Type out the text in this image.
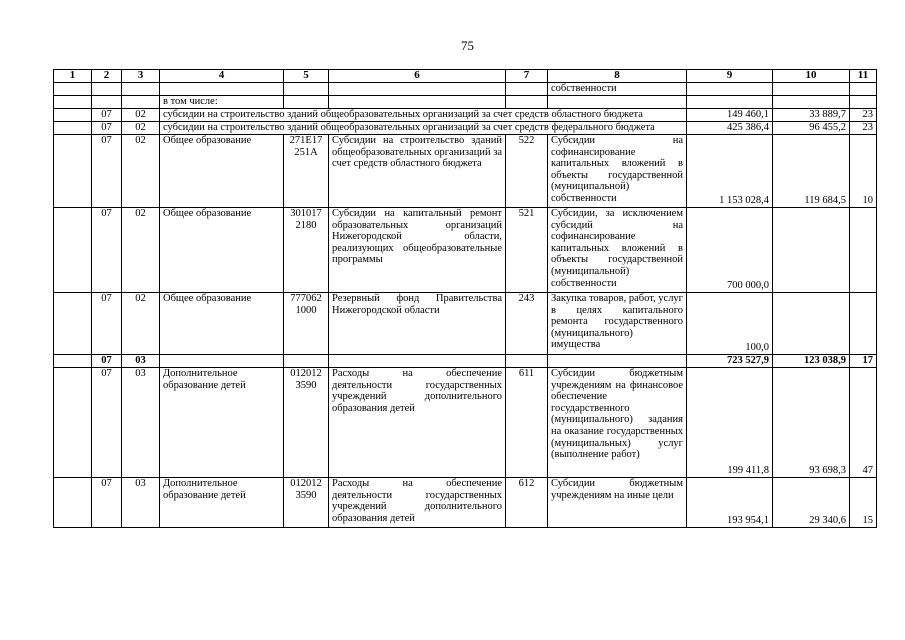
75
1	2	3	4	5	6	7	8	9	10	11
							собственности			
			в том числе:							
	07	02	субсидии на строительство зданий общеобразовательных организаций за счет средств областного бюджета					149 460,1	33 889,7	23
	07	02	субсидии на строительство зданий общеобразовательных организаций за счет средств федерального бюджета					425 386,4	96 455,2	23
	07	02	Общее образование	271Е17 251А	Субсидии на строительство зданий общеобразовательных организаций за счет средств областного бюджета	522	Субсидии на софинансирование капитальных вложений в объекты государственной (муниципальной) собственности	1 153 028,4	119 684,5	10
	07	02	Общее образование	301017 2180	Субсидии на капитальный ремонт образовательных организаций Нижегородской области, реализующих общеобразовательные программы	521	Субсидии, за исключением субсидий на софинансирование капитальных вложений в объекты государственной (муниципальной) собственности	700 000,0		
	07	02	Общее образование	777062 1000	Резервный фонд Правительства Нижегородской области	243	Закупка товаров, работ, услуг в целях капитального ремонта государственного (муниципального) имущества	100,0		
	07	03						723 527,9	123 038,9	17
	07	03	Дополнительное образование детей	012012 3590	Расходы на обеспечение деятельности государственных учреждений дополнительного образования детей	611	Субсидии бюджетным учреждениям на финансовое обеспечение государственного (муниципального) задания на оказание государственных (муниципальных) услуг (выполнение работ)	199 411,8	93 698,3	47
	07	03	Дополнительное образование детей	012012 3590	Расходы на обеспечение деятельности государственных учреждений дополнительного образования детей	612	Субсидии бюджетным учреждениям на иные цели	193 954,1	29 340,6	15
